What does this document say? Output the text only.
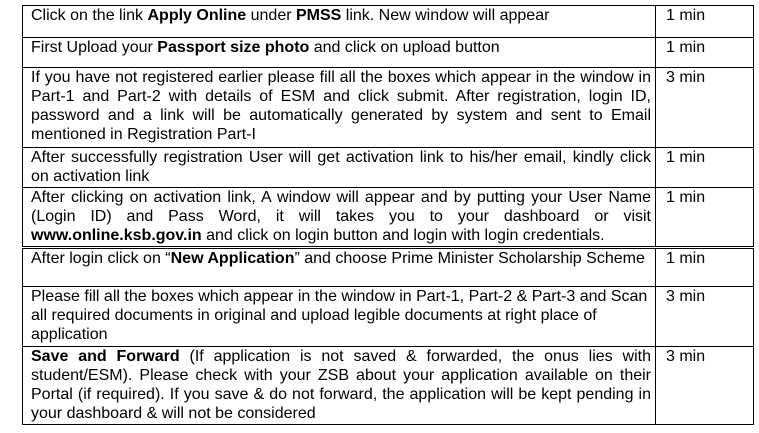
Click on the link Apply Online under PMSS link. New window will appear	1 min
First Upload your Passport size photo and click on upload button	1 min
If you have not registered earlier please fill all the boxes which appear in the window in Part-1 and Part-2 with details of ESM and click submit. After registration, login ID, password and a link will be automatically generated by system and sent to Email mentioned in Registration Part-I	3 min
After successfully registration User will get activation link to his/her email, kindly click on activation link	1 min
After clicking on activation link, A window will appear and by putting your User Name (Login ID) and Pass Word, it will takes you to your dashboard or visit www.online.ksb.gov.in and click on login button and login with login credentials.	1 min
After login click on “New Application” and choose Prime Minister Scholarship Scheme	1 min
Please fill all the boxes which appear in the window in Part-1, Part-2 & Part-3 and Scan all required documents in original and upload legible documents at right place of application	3 min
Save and Forward (If application is not saved & forwarded, the onus lies with student/ESM). Please check with your ZSB about your application available on their Portal (if required). If you save & do not forward, the application will be kept pending in your dashboard & will not be considered	3 min
